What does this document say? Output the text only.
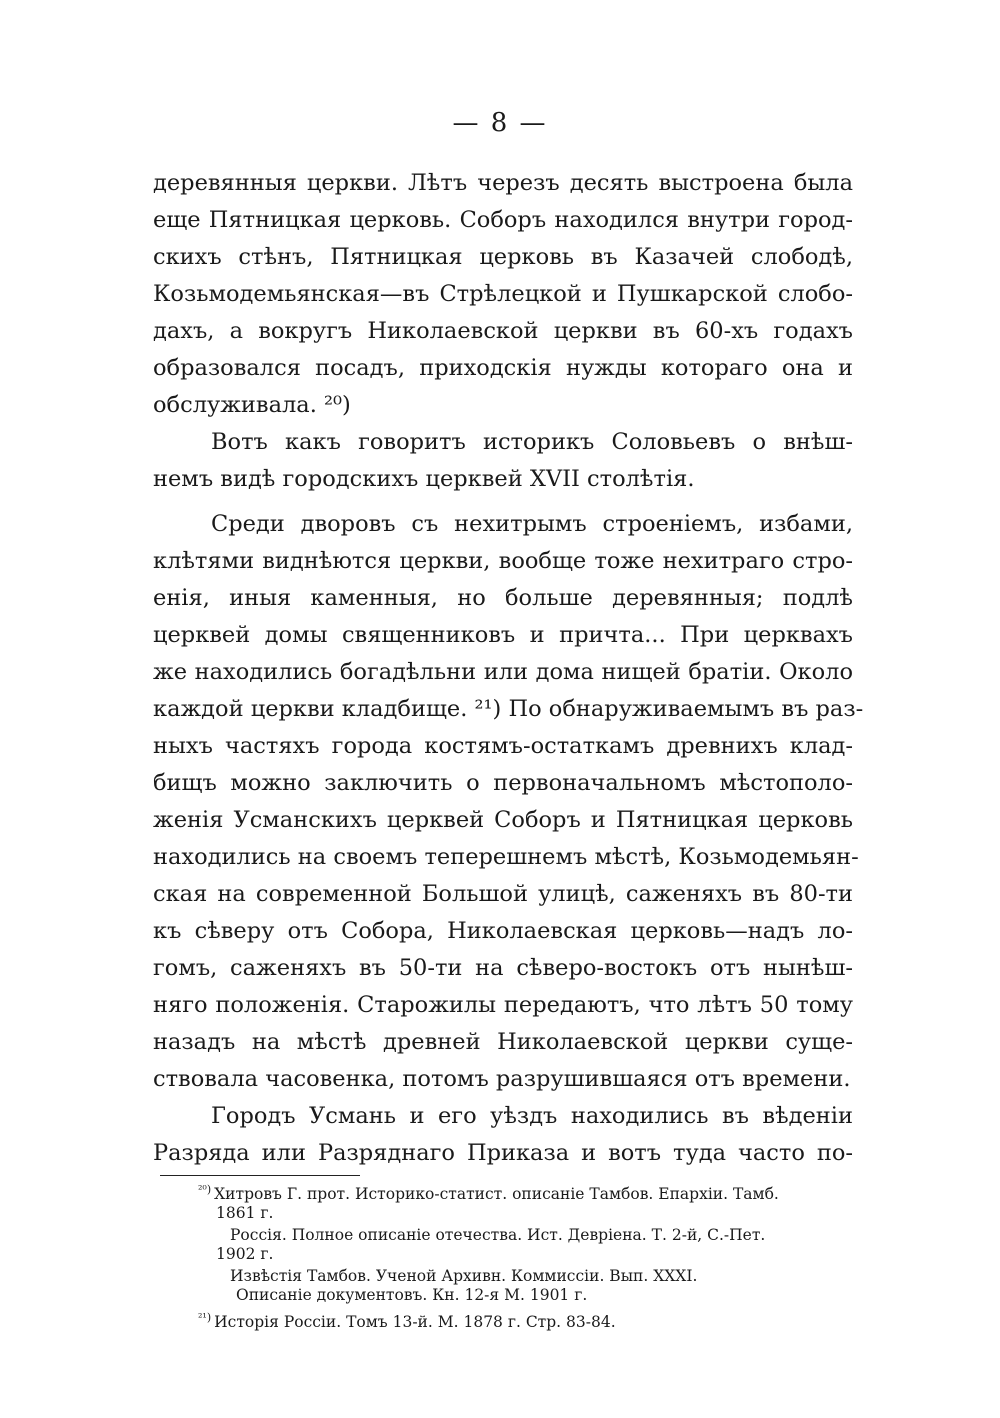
— 8 —

деревянныя церкви. Лѣтъ черезъ десять выстроена была
еще Пятницкая церковь. Соборъ находился внутри город-
скихъ стѣнъ, Пятницкая церковь въ Казачей слободѣ,
Козьмодемьянская—въ Стрѣлецкой и Пушкарской слобо-
дахъ, а вокругъ Николаевской церкви въ 60-хъ годахъ
образовался посадъ, приходскія нужды котораго она и
обслуживала. ²⁰)

Вотъ какъ говоритъ историкъ Соловьевъ о внѣш-
немъ видѣ городскихъ церквей XVII столѣтія.

Среди дворовъ съ нехитрымъ строеніемъ, избами,
клѣтями виднѣются церкви, вообще тоже нехитраго стро-
енія, иныя каменныя, но больше деревянныя; подлѣ
церквей домы священниковъ и причта... При церквахъ
же находились богадѣльни или дома нищей братіи. Около
каждой церкви кладбище. ²¹) По обнаруживаемымъ въ раз-
ныхъ частяхъ города костямъ-остаткамъ древнихъ клад-
бищъ можно заключить о первоначальномъ мѣстополо-
женія Усманскихъ церквей Соборъ и Пятницкая церковь
находились на своемъ теперешнемъ мѣстѣ, Козьмодемьян-
ская на современной Большой улицѣ, саженяхъ въ 80-ти
къ сѣверу отъ Собора, Николаевская церковь—надъ ло-
гомъ, саженяхъ въ 50-ти на сѣверо-востокъ отъ нынѣш-
няго положенія. Старожилы передаютъ, что лѣтъ 50 тому
назадъ на мѣстѣ древней Николаевской церкви суще-
ствовала часовенка, потомъ разрушившаяся отъ времени.

Городъ Усмань и его уѣздъ находились въ вѣденіи
Разряда или Разряднаго Приказа и вотъ туда часто по-

$^{^{20})}$ Хитровъ Г. прот. Историко-статист. описаніе Тамбов. Епархіи. Тамб.
1861 г.
Россія. Полное описаніе отечества. Ист. Девріена. Т. 2-й, С.-Пет.
1902 г.
Извѣстія Тамбов. Ученой Архивн. Коммиссіи. Вып. XXXI.
Описаніе документовъ. Кн. 12-я М. 1901 г.
$^{^{21})}$ Исторія Россіи. Томъ 13-й. М. 1878 г. Стр. 83-84.
